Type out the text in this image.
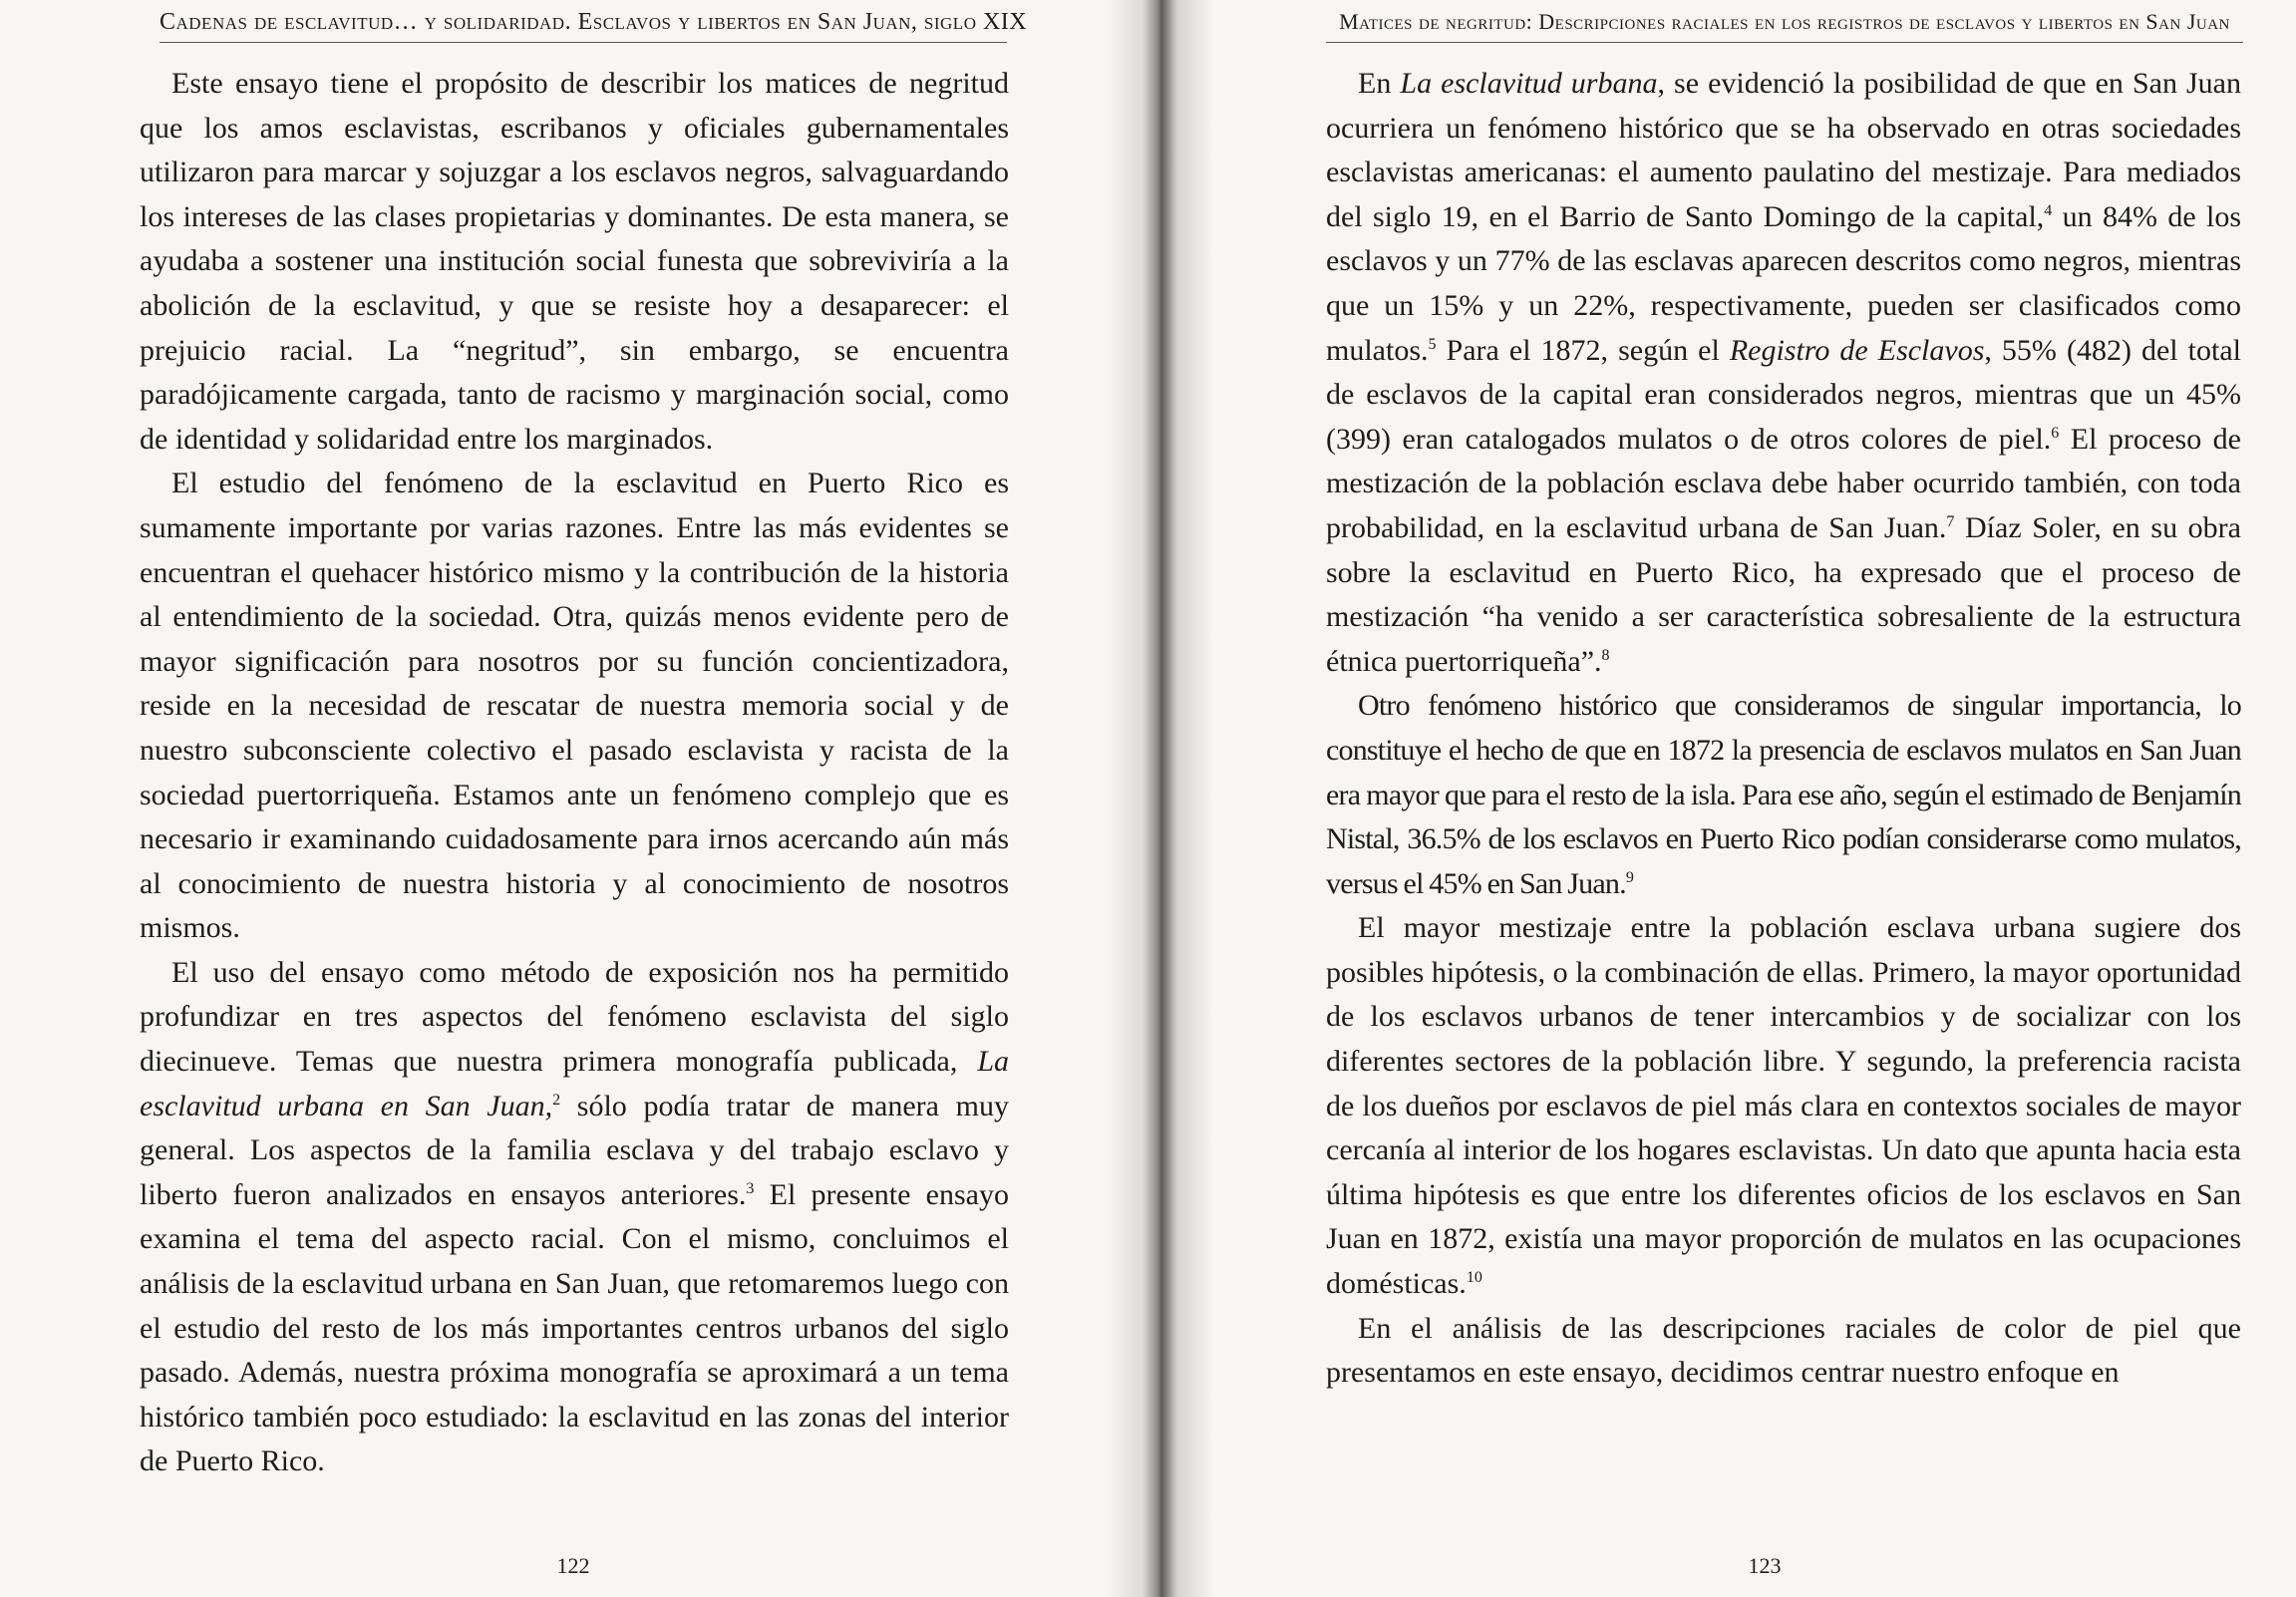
Cadenas de esclavitud… y solidaridad. Esclavos y libertos en San Juan, siglo XIX

Este ensayo tiene el propósito de describir los matices de negritud que los amos esclavistas, escribanos y oficiales gubernamentales utilizaron para marcar y sojuzgar a los esclavos negros, salvaguardando los intereses de las clases propietarias y dominantes. De esta manera, se ayudaba a sostener una institución social funesta que sobreviviría a la abolición de la esclavitud, y que se resiste hoy a desaparecer: el prejuicio racial. La “negritud”, sin embargo, se encuentra paradójicamente cargada, tanto de racismo y marginación social, como de identidad y solidaridad entre los marginados.

El estudio del fenómeno de la esclavitud en Puerto Rico es sumamente importante por varias razones. Entre las más evidentes se encuentran el quehacer histórico mismo y la contribución de la historia al entendimiento de la sociedad. Otra, quizás menos evidente pero de mayor significación para nosotros por su función concientizadora, reside en la necesidad de rescatar de nuestra memoria social y de nuestro subconsciente colectivo el pasado esclavista y racista de la sociedad puertorriqueña. Estamos ante un fenómeno complejo que es necesario ir examinando cuidadosamente para irnos acercando aún más al conocimiento de nuestra historia y al conocimiento de nosotros mismos.

El uso del ensayo como método de exposición nos ha permitido profundizar en tres aspectos del fenómeno esclavista del siglo diecinueve. Temas que nuestra primera monografía publicada, La esclavitud urbana en San Juan,$^2$ sólo podía tratar de manera muy general. Los aspectos de la familia esclava y del trabajo esclavo y liberto fueron analizados en ensayos anteriores.$^3$ El presente ensayo examina el tema del aspecto racial. Con el mismo, concluimos el análisis de la esclavitud urbana en San Juan, que retomaremos luego con el estudio del resto de los más importantes centros urbanos del siglo pasado. Además, nuestra próxima monografía se aproximará a un tema histórico también poco estudiado: la esclavitud en las zonas del interior de Puerto Rico.

122
Matices de negritud: Descripciones raciales en los registros de esclavos y libertos en San Juan

En La esclavitud urbana, se evidenció la posibilidad de que en San Juan ocurriera un fenómeno histórico que se ha observado en otras sociedades esclavistas americanas: el aumento paulatino del mestizaje. Para mediados del siglo 19, en el Barrio de Santo Domingo de la capital,$^4$ un 84% de los esclavos y un 77% de las esclavas aparecen descritos como negros, mientras que un 15% y un 22%, respectivamente, pueden ser clasificados como mulatos.$^5$ Para el 1872, según el Registro de Esclavos, 55% (482) del total de esclavos de la capital eran considerados negros, mientras que un 45% (399) eran catalogados mulatos o de otros colores de piel.$^6$ El proceso de mestización de la población esclava debe haber ocurrido también, con toda probabilidad, en la esclavitud urbana de San Juan.$^7$ Díaz Soler, en su obra sobre la esclavitud en Puerto Rico, ha expresado que el proceso de mestización “ha venido a ser característica sobresaliente de la estructura étnica puertorriqueña”.$^8$

Otro fenómeno histórico que consideramos de singular importancia, lo constituye el hecho de que en 1872 la presencia de esclavos mulatos en San Juan era mayor que para el resto de la isla. Para ese año, según el estimado de Benjamín Nistal, 36.5% de los esclavos en Puerto Rico podían considerarse como mulatos, versus el 45% en San Juan.$^9$

El mayor mestizaje entre la población esclava urbana sugiere dos posibles hipótesis, o la combinación de ellas. Primero, la mayor oportunidad de los esclavos urbanos de tener intercambios y de socializar con los diferentes sectores de la población libre. Y segundo, la preferencia racista de los dueños por esclavos de piel más clara en contextos sociales de mayor cercanía al interior de los hogares esclavistas. Un dato que apunta hacia esta última hipótesis es que entre los diferentes oficios de los esclavos en San Juan en 1872, existía una mayor proporción de mulatos en las ocupaciones domésticas.$^{10}$

En el análisis de las descripciones raciales de color de piel que presentamos en este ensayo, decidimos centrar nuestro enfoque en

123
